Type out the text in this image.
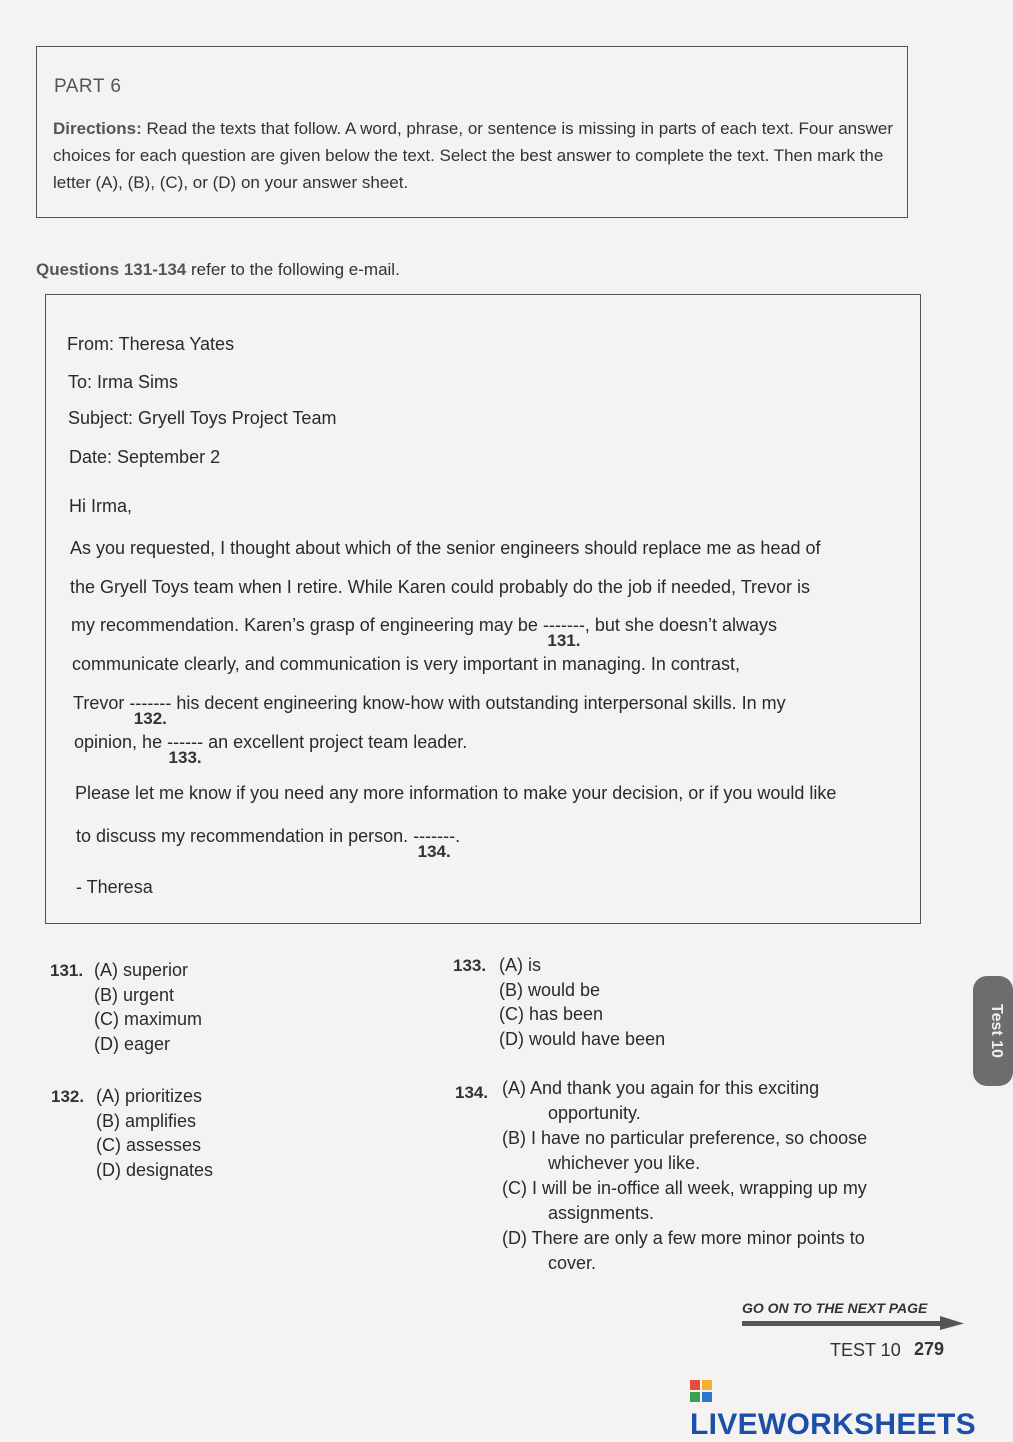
PART 6
Directions: Read the texts that follow. A word, phrase, or sentence is missing in parts of each text. Four answer choices for each question are given below the text. Select the best answer to complete the text. Then mark the letter (A), (B), (C), or (D) on your answer sheet.
Questions 131-134 refer to the following e-mail.
From: Theresa Yates
To: Irma Sims
Subject: Gryell Toys Project Team
Date: September 2
Hi Irma,
As you requested, I thought about which of the senior engineers should replace me as head of
the Gryell Toys team when I retire. While Karen could probably do the job if needed, Trevor is
my recommendation. Karen’s grasp of engineering may be -------
131.
, but she doesn’t always
communicate clearly, and communication is very important in managing. In contrast,
Trevor -------
132.
his decent engineering know-how with outstanding interpersonal skills. In my
opinion, he ------
133.
an excellent project team leader.
Please let me know if you need any more information to make your decision, or if you would like
to discuss my recommendation in person. -------
134.
.
- Theresa
131. (A) superior
(B) urgent
(C) maximum
(D) eager
132. (A) prioritizes
(B) amplifies
(C) assesses
(D) designates
133. (A) is
(B) would be
(C) has been
(D) would have been
134. (A) And thank you again for this exciting
opportunity.
(B) I have no particular preference, so choose
whichever you like.
(C) I will be in-office all week, wrapping up my
assignments.
(D) There are only a few more minor points to
cover.
Test 10
GO ON TO THE NEXT PAGE
TEST 10 279
LIVEWORKSHEETS
